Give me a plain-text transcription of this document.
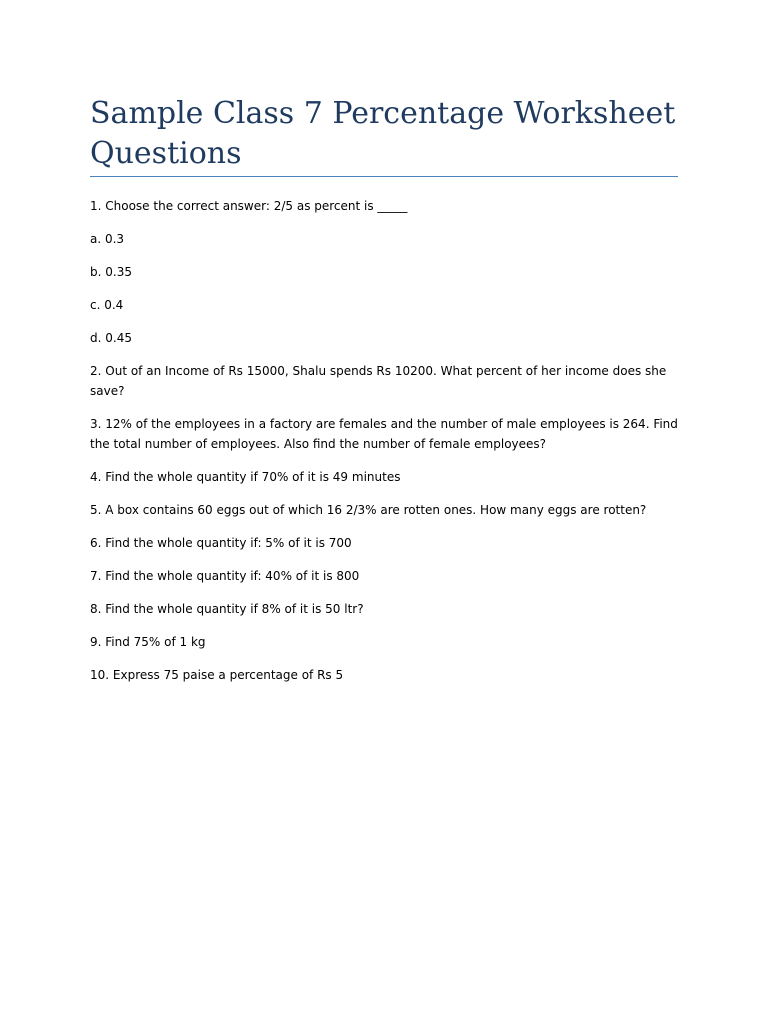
Sample Class 7 Percentage Worksheet Questions

1. Choose the correct answer: 2/5 as percent is _____

a. 0.3

b. 0.35

c. 0.4

d. 0.45

2. Out of an Income of Rs 15000, Shalu spends Rs 10200. What percent of her income does she save?

3. 12% of the employees in a factory are females and the number of male employees is 264. Find the total number of employees. Also find the number of female employees?

4. Find the whole quantity if 70% of it is 49 minutes

5. A box contains 60 eggs out of which 16 2/3% are rotten ones. How many eggs are rotten?

6. Find the whole quantity if: 5% of it is 700

7. Find the whole quantity if: 40% of it is 800

8. Find the whole quantity if 8% of it is 50 ltr?

9. Find 75% of 1 kg

10. Express 75 paise a percentage of Rs 5
